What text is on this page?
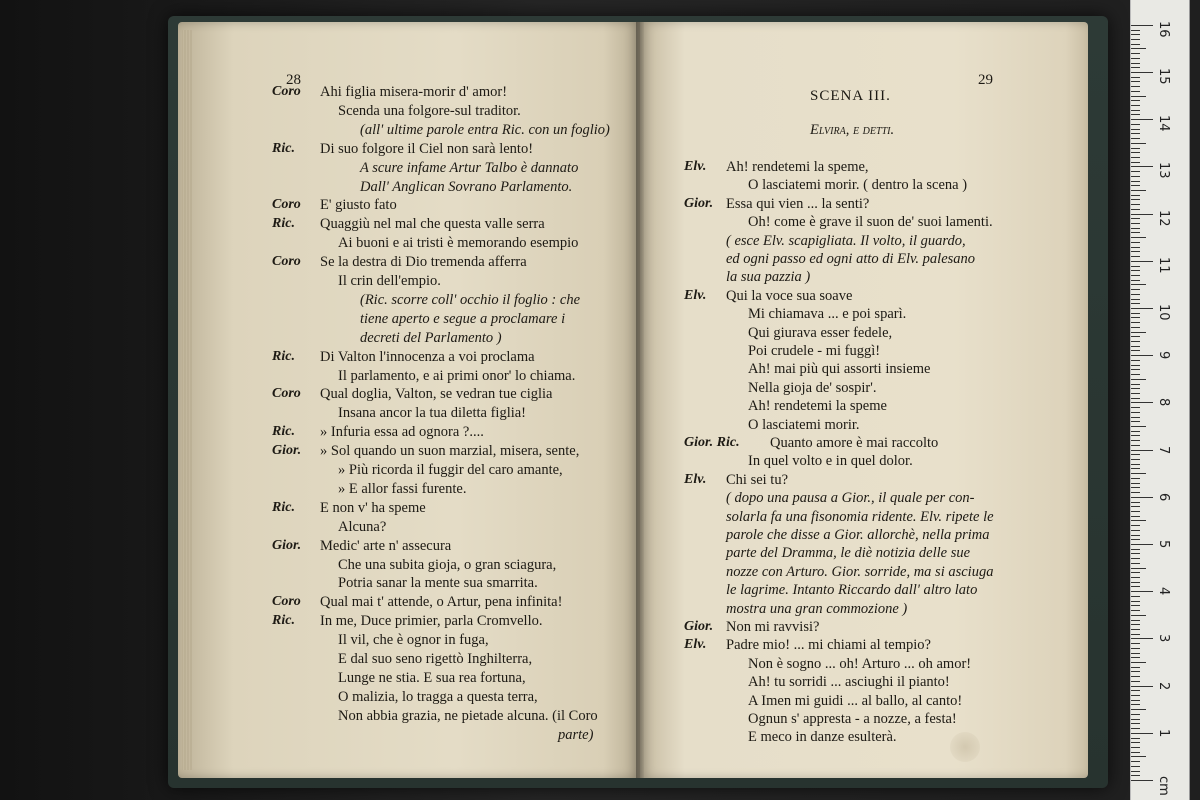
28
Coro Ahi figlia misera-morir d' amor!
Scenda una folgore-sul traditor.
(all' ultime parole entra Ric. con un foglio)
Ric. Di suo folgore il Ciel non sarà lento!
A scure infame Artur Talbo è dannato
Dall' Anglican Sovrano Parlamento.
Coro E' giusto fato
Ric. Quaggiù nel mal che questa valle serra
Ai buoni e ai tristi è memorando esempio
Coro Se la destra di Dio tremenda afferra
Il crin dell'empio.
(Ric. scorre coll' occhio il foglio : che
tiene aperto e segue a proclamare i
decreti del Parlamento )
Ric. Di Valton l'innocenza a voi proclama
Il parlamento, e ai primi onor' lo chiama.
Coro Qual doglia, Valton, se vedran tue ciglia
Insana ancor la tua diletta figlia!
Ric. » Infuria essa ad ognora ?....
Gior. » Sol quando un suon marzial, misera, sente,
» Più ricorda il fuggir del caro amante,
» E allor fassi furente.
Ric. E non v' ha speme
Alcuna?
Gior. Medic' arte n' assecura
Che una subita gioja, o gran sciagura,
Potria sanar la mente sua smarrita.
Coro Qual mai t' attende, o Artur, pena infinita!
Ric. In me, Duce primier, parla Cromvello.
Il vil, che è ognor in fuga,
E dal suo seno rigettò Inghilterra,
Lunge ne stia. E sua rea fortuna,
O malizia, lo tragga a questa terra,
Non abbia grazia, ne pietade alcuna. (il Coro
parte)
29
SCENA III.
Elvira, e detti.
Elv. Ah! rendetemi la speme,
O lasciatemi morir. ( dentro la scena )
Gior. Essa qui vien ... la senti?
Oh! come è grave il suon de' suoi lamenti.
( esce Elv. scapigliata. Il volto, il guardo,
ed ogni passo ed ogni atto di Elv. palesano
la sua pazzia )
Elv. Qui la voce sua soave
Mi chiamava ... e poi sparì.
Qui giurava esser fedele,
Poi crudele - mi fuggì!
Ah! mai più qui assorti insieme
Nella gioja de' sospir'.
Ah! rendetemi la speme
O lasciatemi morir.
Gior. Ric. Quanto amore è mai raccolto
In quel volto e in quel dolor.
Elv. Chi sei tu?
( dopo una pausa a Gior., il quale per con-
solarla fa una fisonomia ridente. Elv. ripete le
parole che disse a Gior. allorchè, nella prima
parte del Dramma, le diè notizia delle sue
nozze con Arturo. Gior. sorride, ma si asciuga
le lagrime. Intanto Riccardo dall' altro lato
mostra una gran commozione )
Gior. Non mi ravvisi?
Elv. Padre mio! ... mi chiami al tempio?
Non è sogno ... oh! Arturo ... oh amor!
Ah! tu sorridi ... asciughi il pianto!
A Imen mi guidi ... al ballo, al canto!
Ognun s' appresta - a nozze, a festa!
E meco in danze esulterà.	1
2
3
4
5
6
7
8
9
10
11
12
13
14
15
16
cm
